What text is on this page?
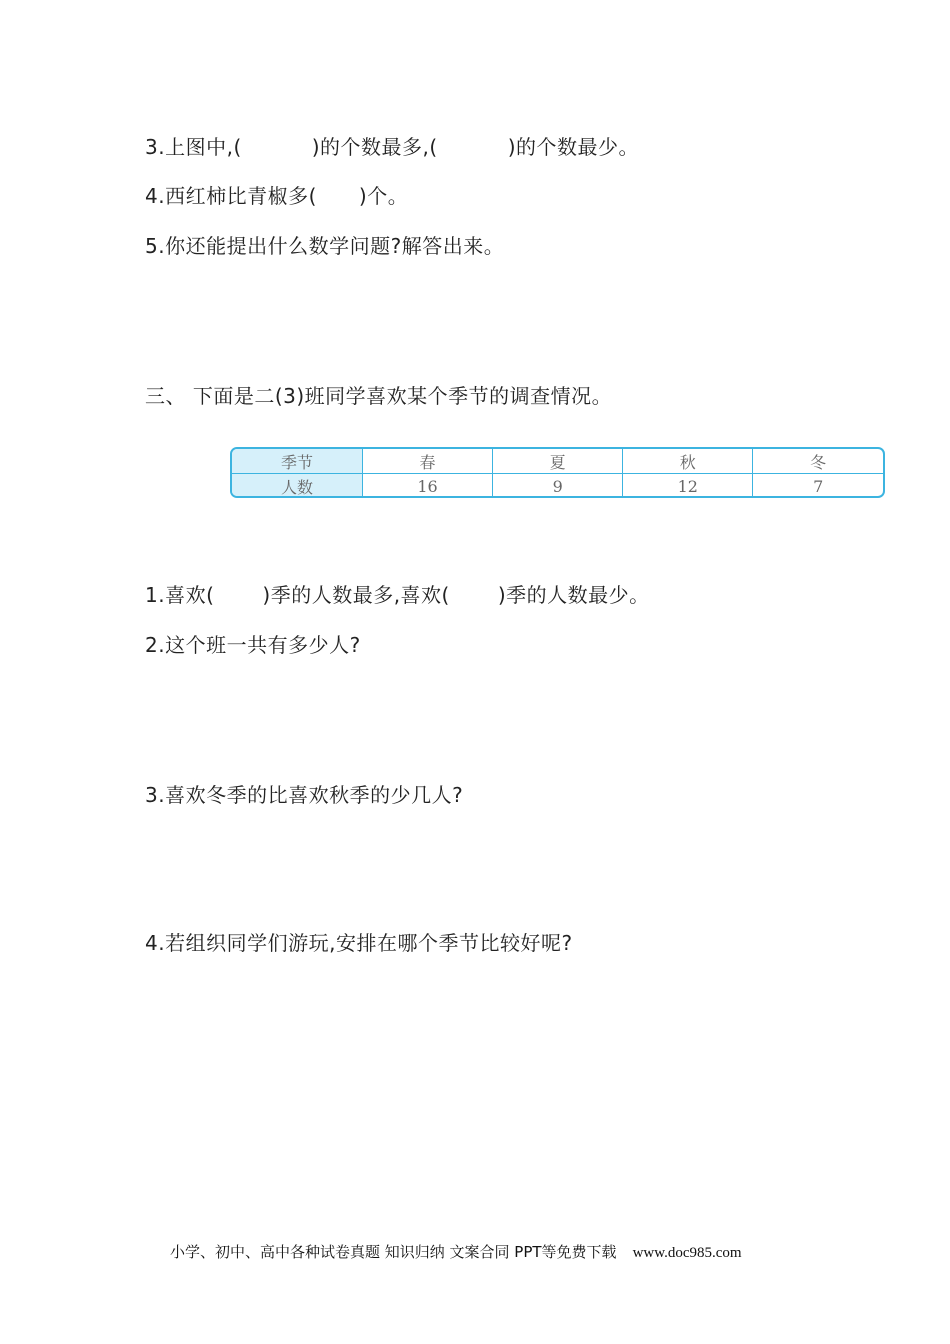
3.上图中,(	)的个数最多,(	)的个数最少。
4.西红柿比青椒多( )个。
5.你还能提出什么数学问题?解答出来。
三、 下面是二(3)班同学喜欢某个季节的调查情况。
季节	春	夏	秋	冬
人数	16	9	12	7
1.喜欢( )季的人数最多,喜欢( )季的人数最少。
2.这个班一共有多少人?
3.喜欢冬季的比喜欢秋季的少几人?
4.若组织同学们游玩,安排在哪个季节比较好呢?
小学、初中、高中各种试卷真题 知识归纳 文案合同 PPT等免费下载 www.doc985.com
